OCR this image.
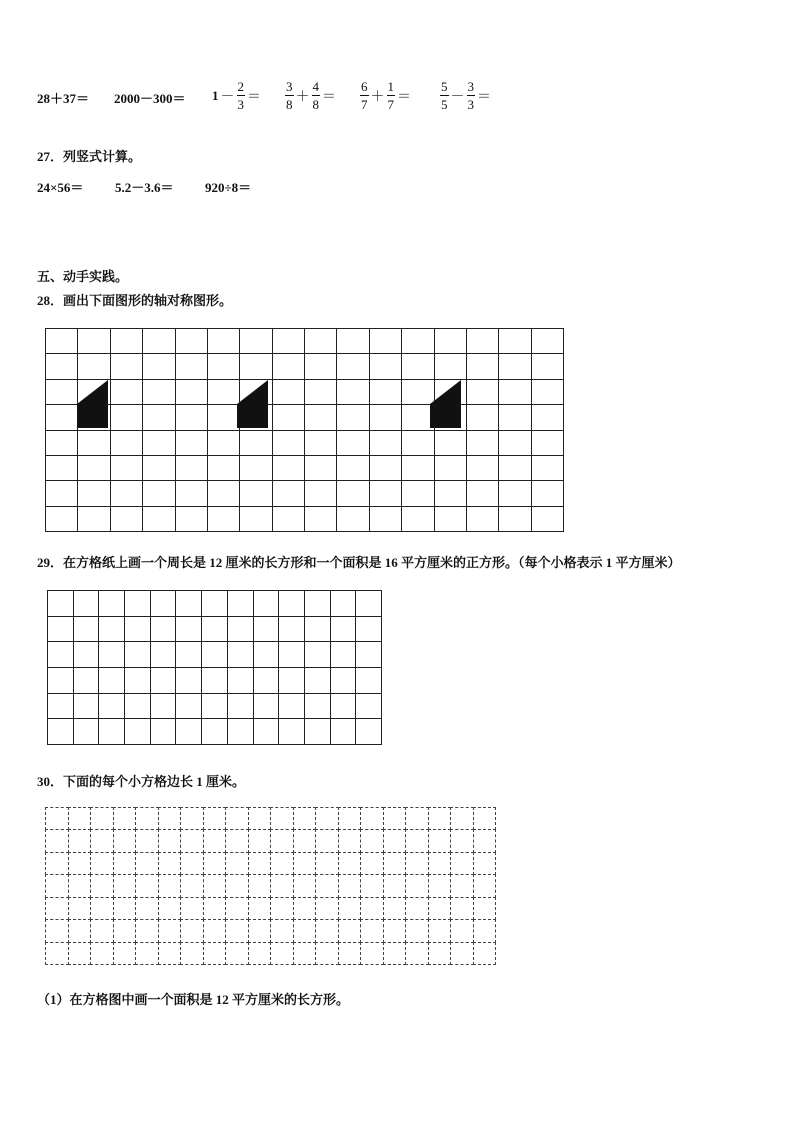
$28+37= 2000-300= 1 - \frac{2}{3} = \frac{3}{8} + \frac{4}{8} = \frac{6}{7} + \frac{1}{7} = \frac{5}{5} - \frac{3}{3}$ ＝
27．列竖式计算。
24×56＝ 5.2－3.6＝ 920÷8＝
五、动手实践。
28．画出下面图形的轴对称图形。
29．在方格纸上画一个周长是 12 厘米的长方形和一个面积是 16 平方厘米的正方形。（每个小格表示 1 平方厘米）
30．下面的每个小方格边长 1 厘米。
（1）在方格图中画一个面积是 12 平方厘米的长方形。
